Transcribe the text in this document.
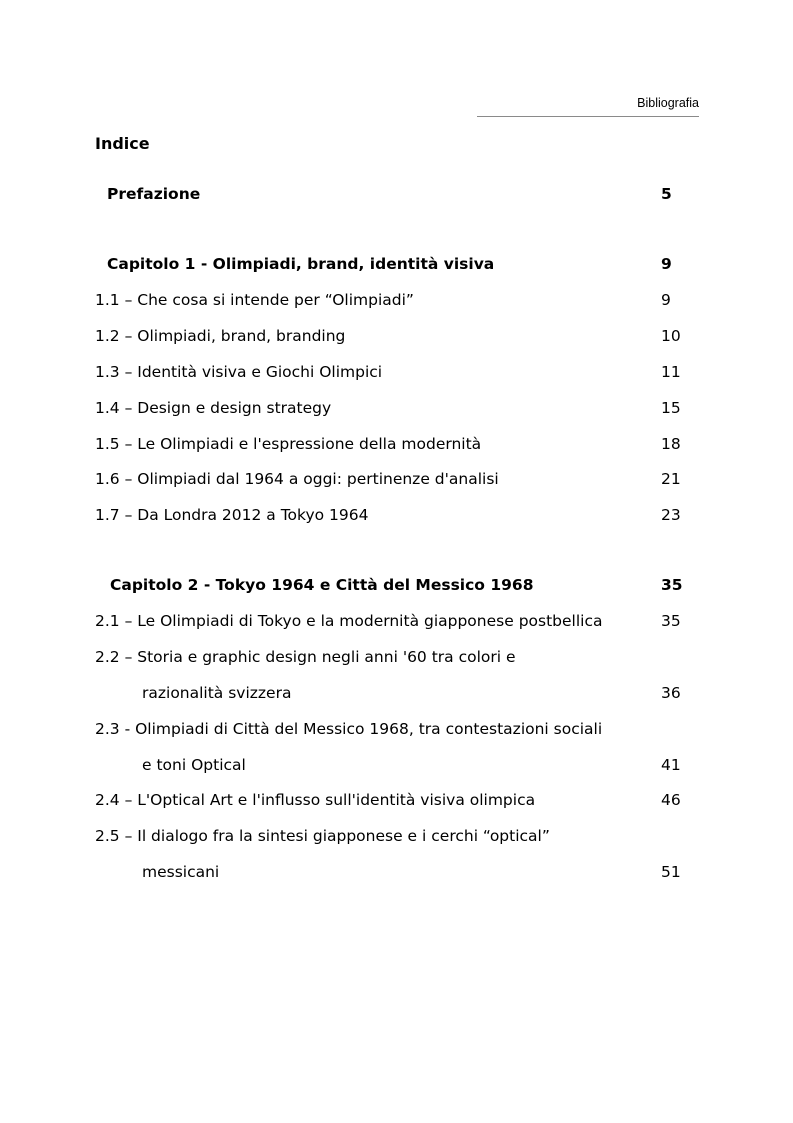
Bibliografia
Indice
Prefazione	5
Capitolo 1 - Olimpiadi, brand, identità visiva	9
1.1 – Che cosa si intende per “Olimpiadi”	9
1.2 – Olimpiadi, brand, branding	10
1.3 – Identità visiva e Giochi Olimpici	11
1.4 – Design e design strategy	15
1.5 – Le Olimpiadi e l'espressione della modernità	18
1.6 – Olimpiadi dal 1964 a oggi: pertinenze d'analisi	21
1.7 – Da Londra 2012 a Tokyo 1964	23
Capitolo 2 - Tokyo 1964 e Città del Messico 1968	35
2.1 – Le Olimpiadi di Tokyo e la modernità giapponese postbellica	35
2.2 – Storia e graphic design negli anni '60 tra colori e
razionalità svizzera	36
2.3 - Olimpiadi di Città del Messico 1968, tra contestazioni sociali
e toni Optical	41
2.4 – L'Optical Art e l'influsso sull'identità visiva olimpica	46
2.5 – Il dialogo fra la sintesi giapponese e i cerchi “optical”
messicani	51
